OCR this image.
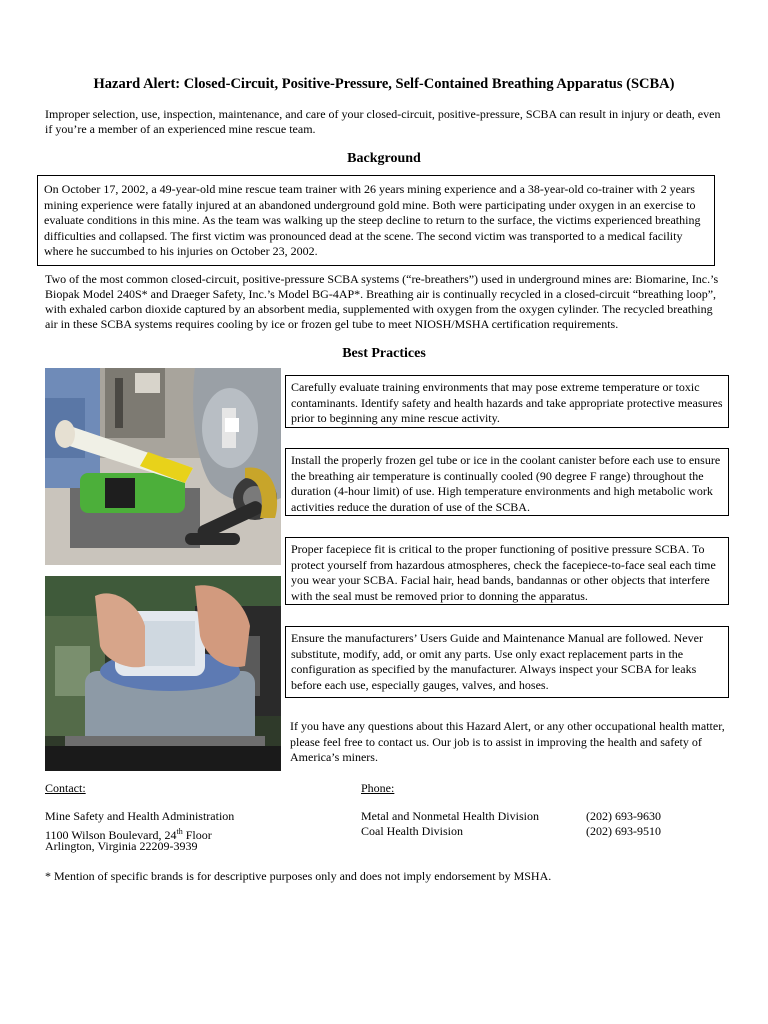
Hazard Alert: Closed-Circuit, Positive-Pressure, Self-Contained Breathing Apparatus (SCBA)
Improper selection, use, inspection, maintenance, and care of your closed-circuit, positive-pressure, SCBA can result in injury or death, even if you’re a member of an experienced mine rescue team.
Background
On October 17, 2002, a 49-year-old mine rescue team trainer with 26 years mining experience and a 38-year-old co-trainer with 2 years mining experience were fatally injured at an abandoned underground gold mine. Both were participating under oxygen in an exercise to evaluate conditions in this mine. As the team was walking up the steep decline to return to the surface, the victims experienced breathing difficulties and collapsed. The first victim was pronounced dead at the scene. The second victim was transported to a medical facility where he succumbed to his injuries on October 23, 2002.
Two of the most common closed-circuit, positive-pressure SCBA systems (“re-breathers”) used in underground mines are: Biomarine, Inc.’s Biopak Model 240S* and Draeger Safety, Inc.’s Model BG-4AP*. Breathing air is continually recycled in a closed-circuit “breathing loop”, with exhaled carbon dioxide captured by an absorbent media, supplemented with oxygen from the oxygen cylinder. The recycled breathing air in these SCBA systems requires cooling by ice or frozen gel tube to meet NIOSH/MSHA certification requirements.
Best Practices
Carefully evaluate training environments that may pose extreme temperature or toxic contaminants. Identify safety and health hazards and take appropriate protective measures prior to beginning any mine rescue activity.
Install the properly frozen gel tube or ice in the coolant canister before each use to ensure the breathing air temperature is continually cooled (90 degree F range) throughout the duration (4-hour limit) of use. High temperature environments and high metabolic work activities reduce the duration of use of the SCBA.
Proper facepiece fit is critical to the proper functioning of positive pressure SCBA. To protect yourself from hazardous atmospheres, check the facepiece-to-face seal each time you wear your SCBA. Facial hair, head bands, bandannas or other objects that interfere with the seal must be removed prior to donning the apparatus.
Ensure the manufacturers’ Users Guide and Maintenance Manual are followed. Never substitute, modify, add, or omit any parts. Use only exact replacement parts in the configuration as specified by the manufacturer. Always inspect your SCBA for leaks before each use, especially gauges, valves, and hoses.
If you have any questions about this Hazard Alert, or any other occupational health matter, please feel free to contact us. Our job is to assist in improving the health and safety of America’s miners.
Contact:
Mine Safety and Health Administration
1100 Wilson Boulevard, 24th Floor
Arlington, Virginia 22209-3939
Phone:
Metal and Nonmetal Health Division	(202) 693-9630
Coal Health Division	(202) 693-9510
* Mention of specific brands is for descriptive purposes only and does not imply endorsement by MSHA.
